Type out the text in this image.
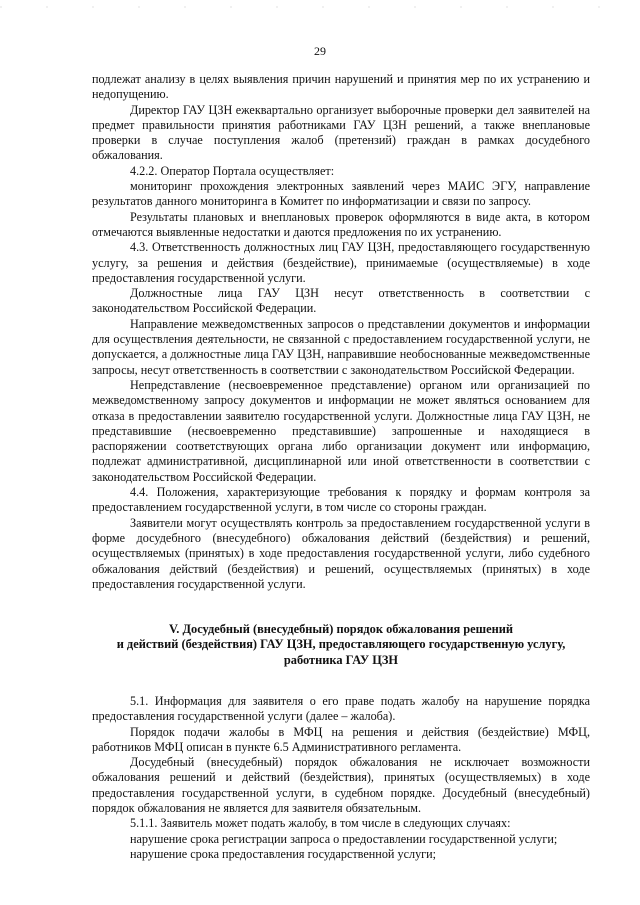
29

подлежат анализу в целях выявления причин нарушений и принятия мер по их устранению и недопущению.

Директор ГАУ ЦЗН ежеквартально организует выборочные проверки дел заявителей на предмет правильности принятия работниками ГАУ ЦЗН решений, а также внеплановые проверки в случае поступления жалоб (претензий) граждан в рамках досудебного обжалования.

4.2.2. Оператор Портала осуществляет:

мониторинг прохождения электронных заявлений через МАИС ЭГУ, направление результатов данного мониторинга в Комитет по информатизации и связи по запросу.

Результаты плановых и внеплановых проверок оформляются в виде акта, в котором отмечаются выявленные недостатки и даются предложения по их устранению.

4.3. Ответственность должностных лиц ГАУ ЦЗН, предоставляющего государственную услугу, за решения и действия (бездействие), принимаемые (осуществляемые) в ходе предоставления государственной услуги.

Должностные лица ГАУ ЦЗН несут ответственность в соответствии с законодательством Российской Федерации.

Направление межведомственных запросов о представлении документов и информации для осуществления деятельности, не связанной с предоставлением государственной услуги, не допускается, а должностные лица ГАУ ЦЗН, направившие необоснованные межведомственные запросы, несут ответственность в соответствии с законодательством Российской Федерации.

Непредставление (несвоевременное представление) органом или организацией по межведомственному запросу документов и информации не может являться основанием для отказа в предоставлении заявителю государственной услуги. Должностные лица ГАУ ЦЗН, не представившие (несвоевременно представившие) запрошенные и находящиеся в распоряжении соответствующих органа либо организации документ или информацию, подлежат административной, дисциплинарной или иной ответственности в соответствии с законодательством Российской Федерации.

4.4. Положения, характеризующие требования к порядку и формам контроля за предоставлением государственной услуги, в том числе со стороны граждан.

Заявители могут осуществлять контроль за предоставлением государственной услуги в форме досудебного (внесудебного) обжалования действий (бездействия) и решений, осуществляемых (принятых) в ходе предоставления государственной услуги, либо судебного обжалования действий (бездействия) и решений, осуществляемых (принятых) в ходе предоставления государственной услуги.

V. Досудебный (внесудебный) порядок обжалования решений
и действий (бездействия) ГАУ ЦЗН, предоставляющего государственную услугу,
работника ГАУ ЦЗН

5.1. Информация для заявителя о его праве подать жалобу на нарушение порядка предоставления государственной услуги (далее – жалоба).

Порядок подачи жалобы в МФЦ на решения и действия (бездействие) МФЦ, работников МФЦ описан в пункте 6.5 Административного регламента.

Досудебный (внесудебный) порядок обжалования не исключает возможности обжалования решений и действий (бездействия), принятых (осуществляемых) в ходе предоставления государственной услуги, в судебном порядке. Досудебный (внесудебный) порядок обжалования не является для заявителя обязательным.

5.1.1. Заявитель может подать жалобу, в том числе в следующих случаях:

нарушение срока регистрации запроса о предоставлении государственной услуги;

нарушение срока предоставления государственной услуги;
